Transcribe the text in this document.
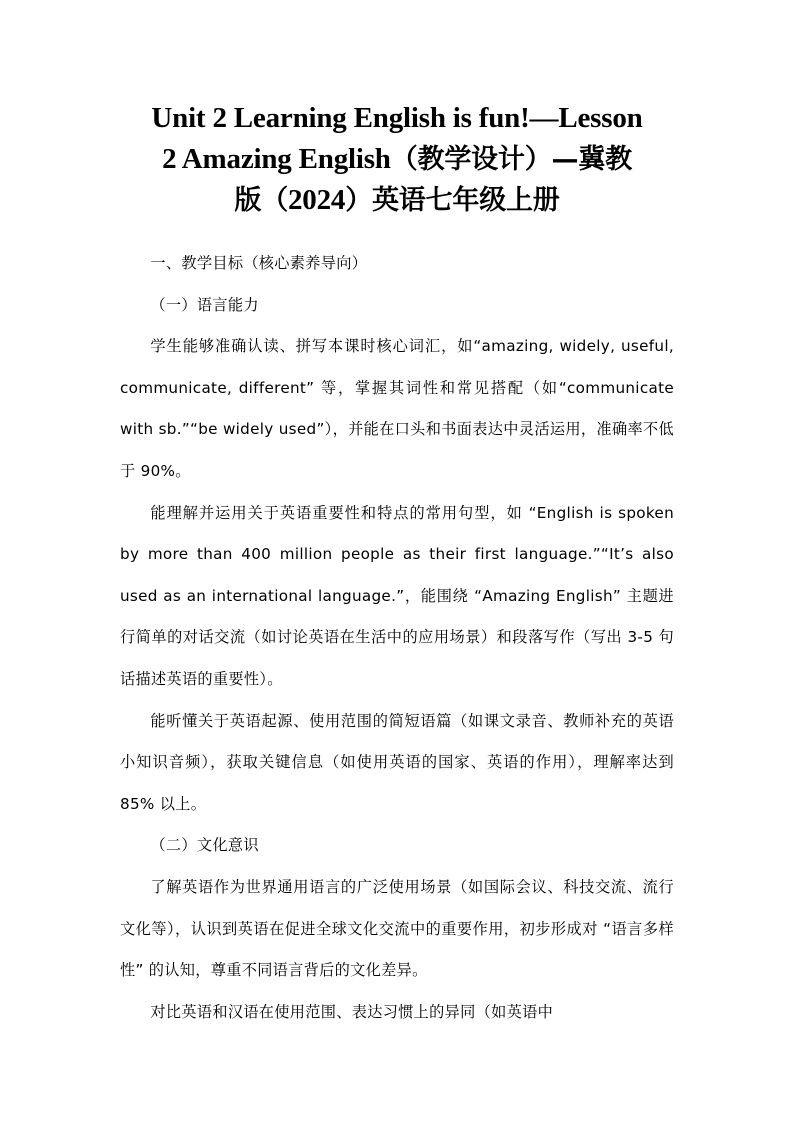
Unit 2 Learning English is fun!—Lesson
2 Amazing English（教学设计）—冀教
版（2024）英语七年级上册

一、教学目标（核心素养导向）

（一）语言能力

学生能够准确认读、拼写本课时核心词汇，如“amazing, widely, useful, communicate, different” 等，掌握其词性和常见搭配（如“communicate with sb.”“be widely used”），并能在口头和书面表达中灵活运用，准确率不低于 90%。

能理解并运用关于英语重要性和特点的常用句型，如 “English is spoken by more than 400 million people as their first language.”“It’s also used as an international language.”，能围绕 “Amazing English” 主题进行简单的对话交流（如讨论英语在生活中的应用场景）和段落写作（写出 3-5 句话描述英语的重要性）。

能听懂关于英语起源、使用范围的简短语篇（如课文录音、教师补充的英语小知识音频），获取关键信息（如使用英语的国家、英语的作用），理解率达到 85% 以上。

（二）文化意识

了解英语作为世界通用语言的广泛使用场景（如国际会议、科技交流、流行文化等），认识到英语在促进全球文化交流中的重要作用，初步形成对 “语言多样性” 的认知，尊重不同语言背后的文化差异。

对比英语和汉语在使用范围、表达习惯上的异同（如英语中
